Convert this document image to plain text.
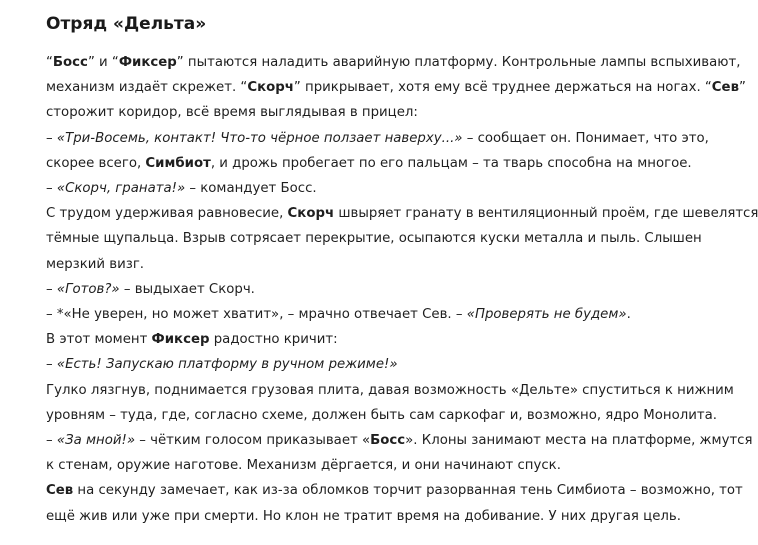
Отряд «Дельта»
“Босс” и “Фиксер” пытаются наладить аварийную платформу. Контрольные лампы вспыхивают,
механизм издаёт скрежет. “Скорч” прикрывает, хотя ему всё труднее держаться на ногах. “Сев”
сторожит коридор, всё время выглядывая в прицел:
– «Три-Восемь, контакт! Что-то чёрное ползает наверху...» – сообщает он. Понимает, что это,
скорее всего, Симбиот, и дрожь пробегает по его пальцам – та тварь способна на многое.
– «Скорч, граната!» – командует Босс.
С трудом удерживая равновесие, Скорч швыряет гранату в вентиляционный проём, где шевелятся
тёмные щупальца. Взрыв сотрясает перекрытие, осыпаются куски металла и пыль. Слышен
мерзкий визг.
– «Готов?» – выдыхает Скорч.
– *«Не уверен, но может хватит», – мрачно отвечает Сев. – «Проверять не будем».
В этот момент Фиксер радостно кричит:
– «Есть! Запускаю платформу в ручном режиме!»
Гулко лязгнув, поднимается грузовая плита, давая возможность «Дельте» спуститься к нижним
уровням – туда, где, согласно схеме, должен быть сам саркофаг и, возможно, ядро Монолита.
– «За мной!» – чётким голосом приказывает «Босс». Клоны занимают места на платформе, жмутся
к стенам, оружие наготове. Механизм дёргается, и они начинают спуск.
Сев на секунду замечает, как из-за обломков торчит разорванная тень Симбиота – возможно, тот
ещё жив или уже при смерти. Но клон не тратит время на добивание. У них другая цель.
